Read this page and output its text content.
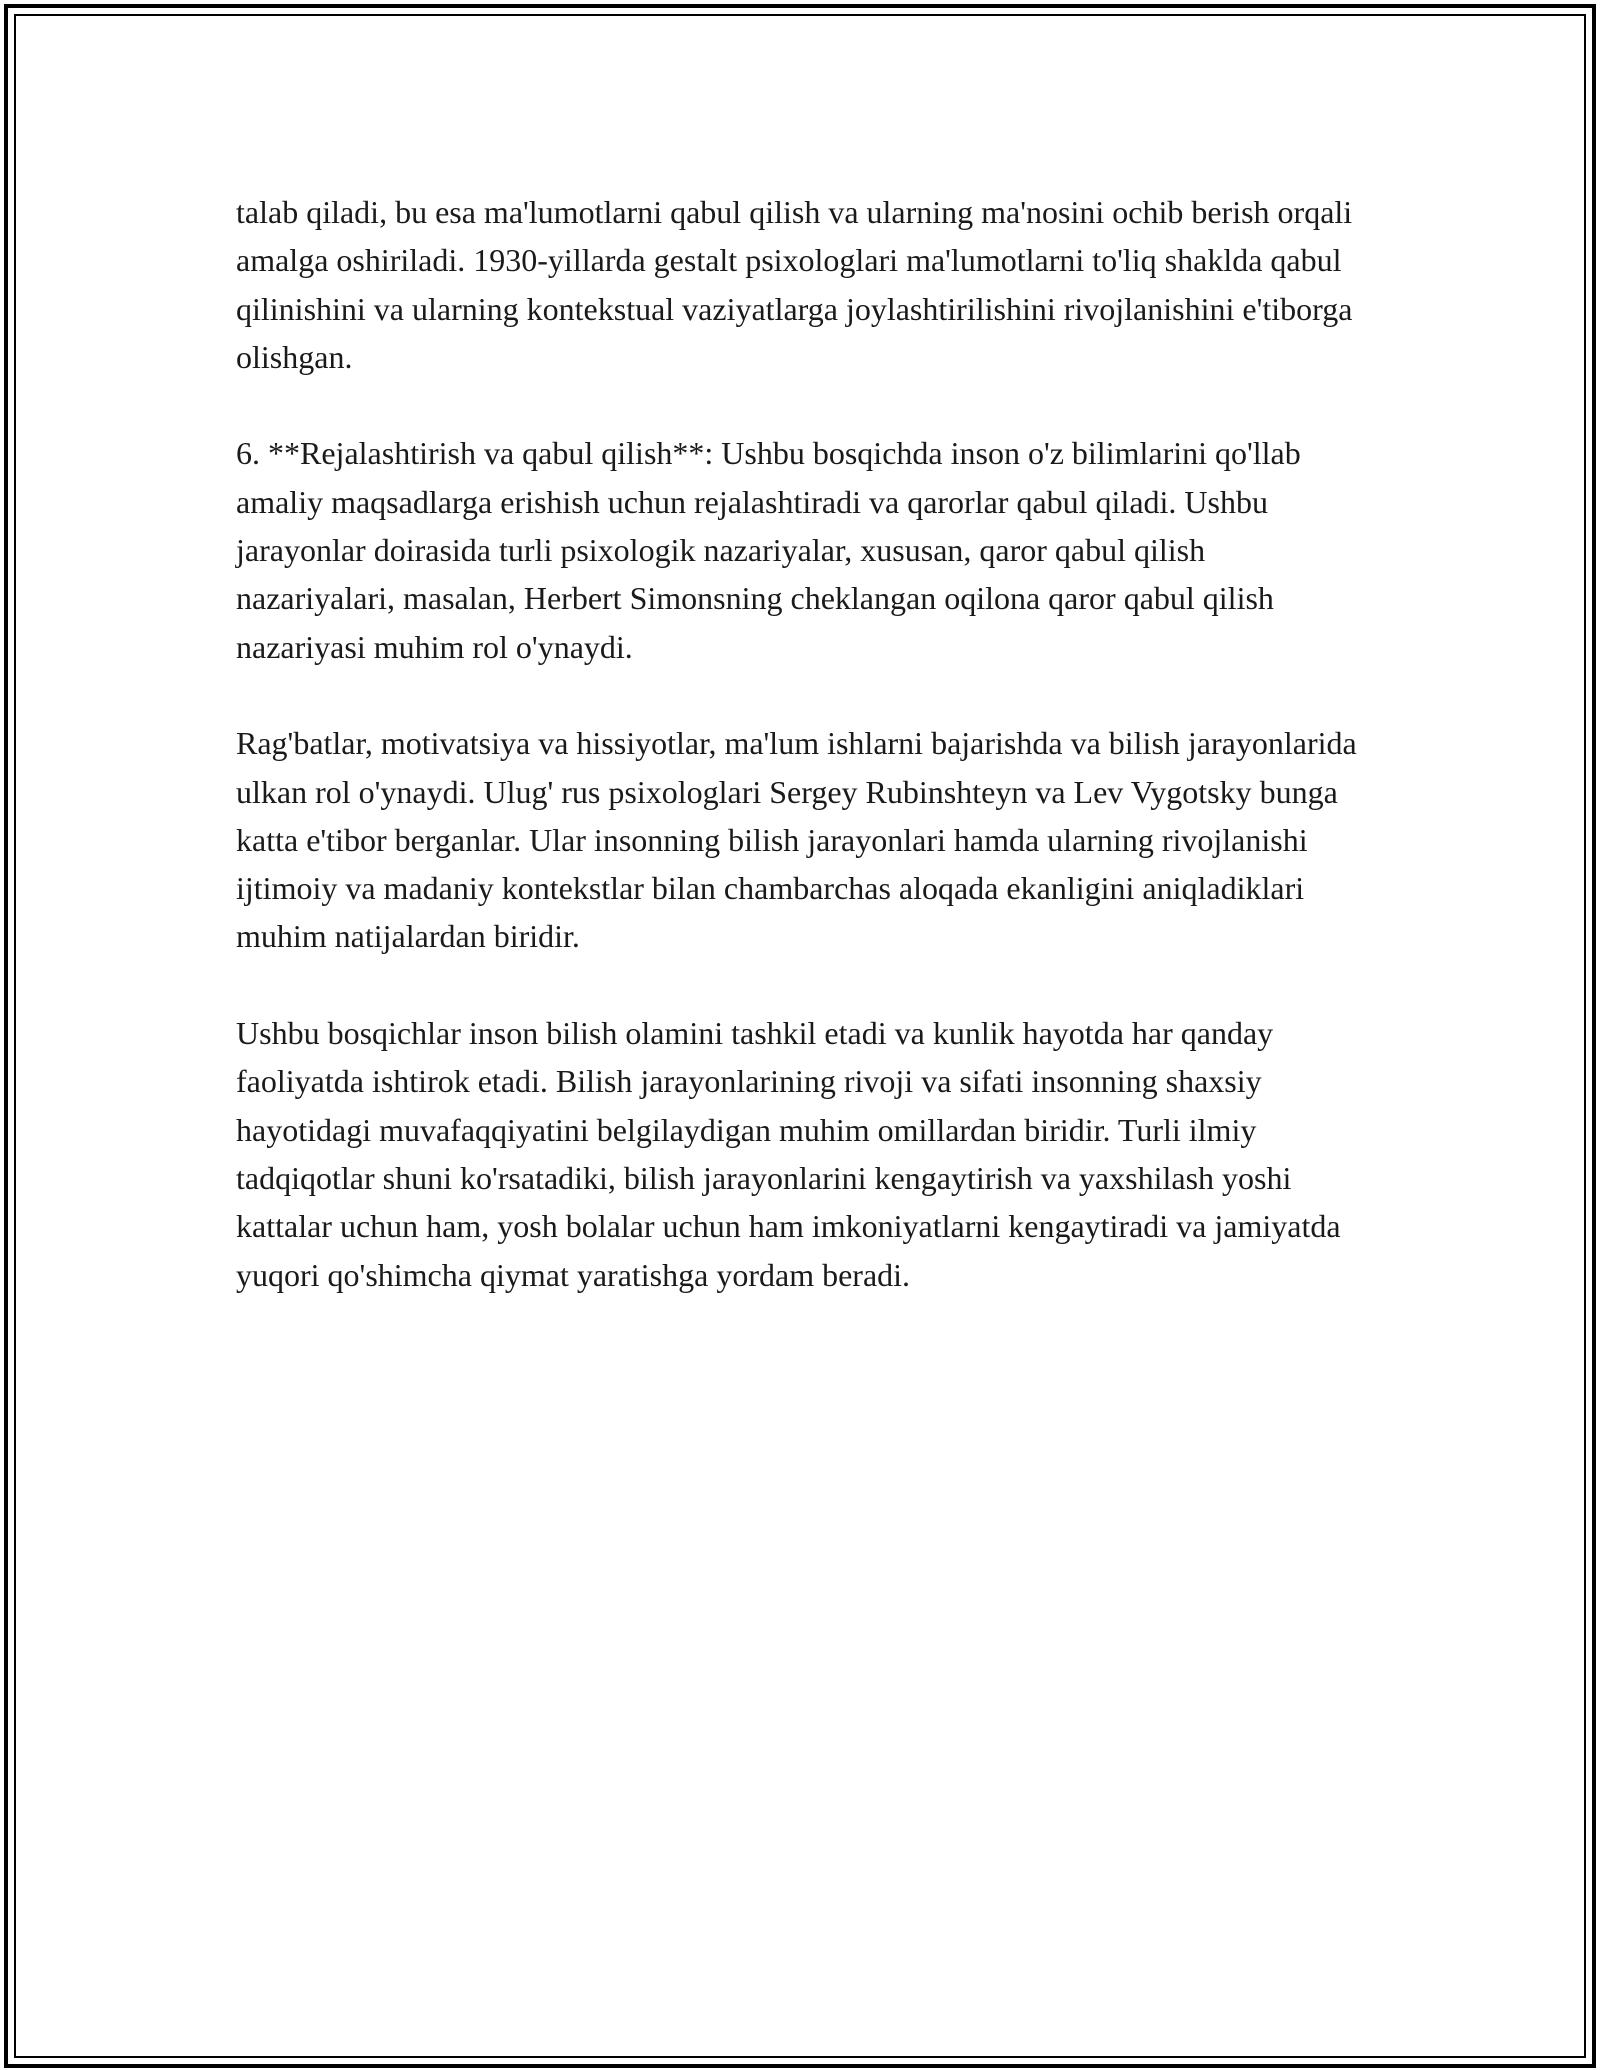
talab qiladi, bu esa ma'lumotlarni qabul qilish va ularning ma'nosini ochib berish orqali amalga oshiriladi. 1930-yillarda gestalt psixologlari ma'lumotlarni to'liq shaklda qabul qilinishini va ularning kontekstual vaziyatlarga joylashtirilishini rivojlanishini e'tiborga olishgan.

6. **Rejalashtirish va qabul qilish**: Ushbu bosqichda inson o'z bilimlarini qo'llab amaliy maqsadlarga erishish uchun rejalashtiradi va qarorlar qabul qiladi. Ushbu jarayonlar doirasida turli psixologik nazariyalar, xususan, qaror qabul qilish nazariyalari, masalan, Herbert Simonsning cheklangan oqilona qaror qabul qilish nazariyasi muhim rol o'ynaydi.

Rag'batlar, motivatsiya va hissiyotlar, ma'lum ishlarni bajarishda va bilish jarayonlarida ulkan rol o'ynaydi. Ulug' rus psixologlari Sergey Rubinshteyn va Lev Vygotsky bunga katta e'tibor berganlar. Ular insonning bilish jarayonlari hamda ularning rivojlanishi ijtimoiy va madaniy kontekstlar bilan chambarchas aloqada ekanligini aniqladiklari muhim natijalardan biridir.

Ushbu bosqichlar inson bilish olamini tashkil etadi va kunlik hayotda har qanday faoliyatda ishtirok etadi. Bilish jarayonlarining rivoji va sifati insonning shaxsiy hayotidagi muvafaqqiyatini belgilaydigan muhim omillardan biridir. Turli ilmiy tadqiqotlar shuni ko'rsatadiki, bilish jarayonlarini kengaytirish va yaxshilash yoshi kattalar uchun ham, yosh bolalar uchun ham imkoniyatlarni kengaytiradi va jamiyatda yuqori qo'shimcha qiymat yaratishga yordam beradi.
